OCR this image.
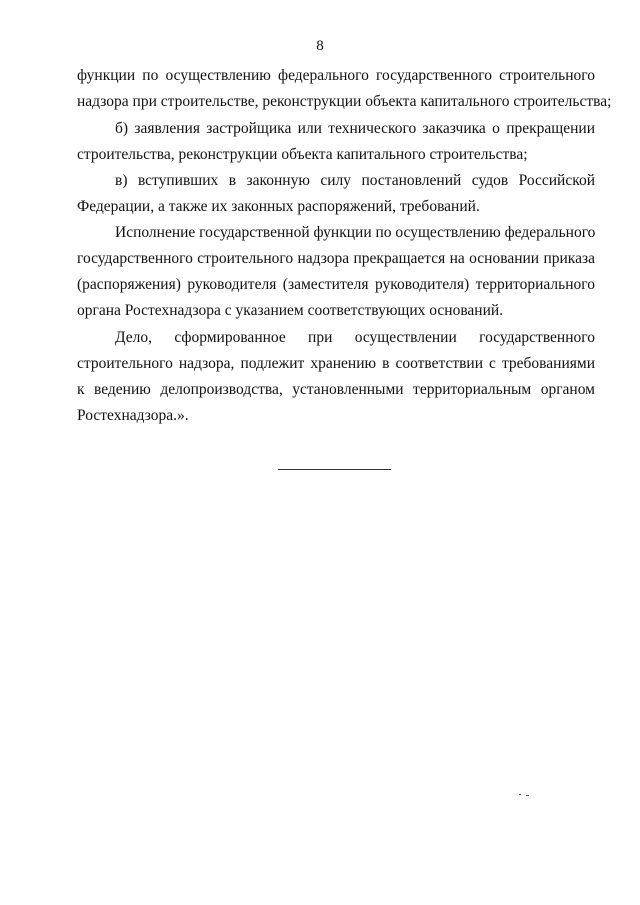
8
функции по осуществлению федерального государственного строительного
надзора при строительстве, реконструкции объекта капитального строительства;
б) заявления застройщика или технического заказчика о прекращении
строительства, реконструкции объекта капитального строительства;
в) вступивших в законную силу постановлений судов Российской
Федерации, а также их законных распоряжений, требований.
Исполнение государственной функции по осуществлению федерального
государственного строительного надзора прекращается на основании приказа
(распоряжения) руководителя (заместителя руководителя) территориального
органа Ростехнадзора с указанием соответствующих оснований.
Дело, сформированное при осуществлении государственного
строительного надзора, подлежит хранению в соответствии с требованиями
к ведению делопроизводства, установленными территориальным органом
Ростехнадзора.».
